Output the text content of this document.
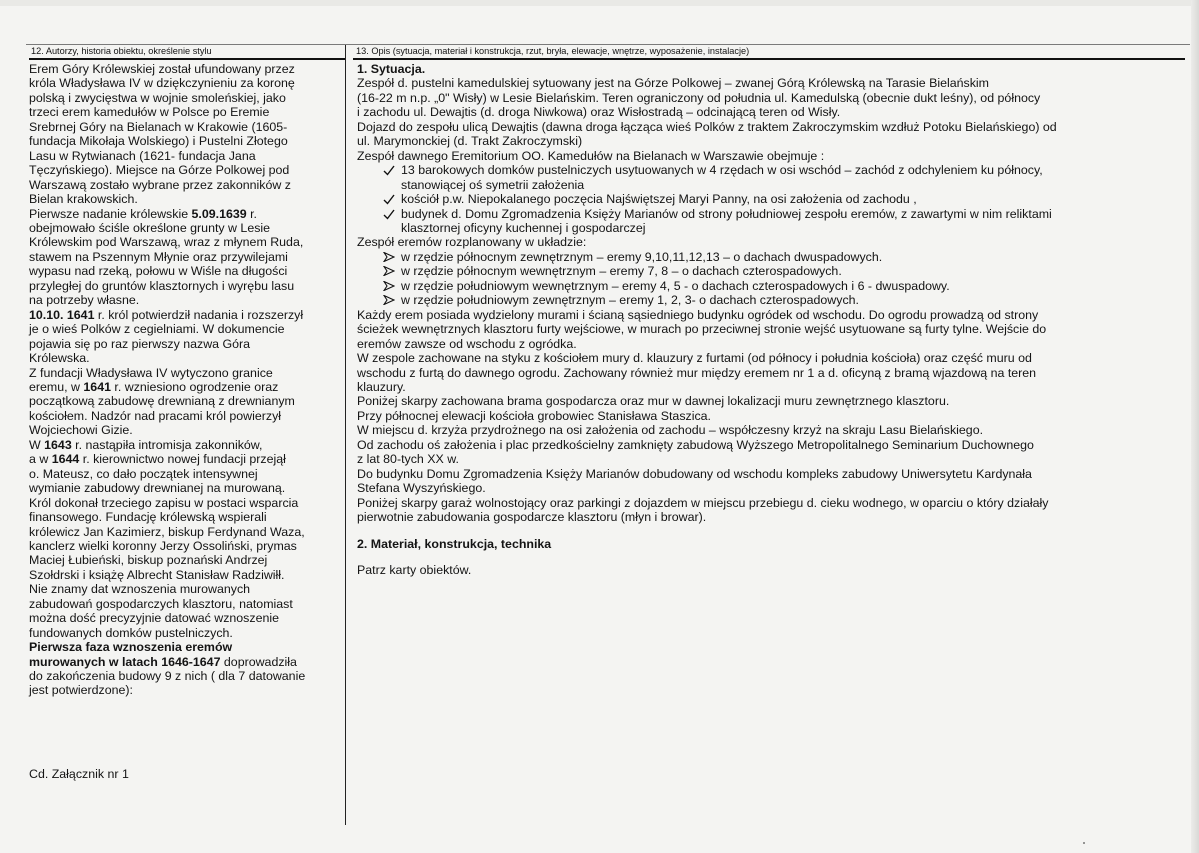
12. Autorzy, historia obiektu, określenie stylu

Erem Góry Królewskiej został ufundowany przez

króla Władysława IV w dziękczynieniu za koronę

polską i zwycięstwa w wojnie smoleńskiej, jako

trzeci erem kamedułów w Polsce po Eremie

Srebrnej Góry na Bielanach w Krakowie (1605-

fundacja Mikołaja Wolskiego) i Pustelni Złotego

Lasu w Rytwianach (1621- fundacja Jana

Tęczyńskiego). Miejsce na Górze Polkowej pod

Warszawą zostało wybrane przez zakonników z

Bielan krakowskich.

Pierwsze nadanie królewskie 5.09.1639 r.

obejmowało ściśle określone grunty w Lesie

Królewskim pod Warszawą, wraz z młynem Ruda,

stawem na Pszennym Młynie oraz przywilejami

wypasu nad rzeką, połowu w Wiśle na długości

przyległej do gruntów klasztornych i wyrębu lasu

na potrzeby własne.

10.10. 1641 r. król potwierdził nadania i rozszerzył

je o wieś Polków z cegielniami. W dokumencie

pojawia się po raz pierwszy nazwa Góra

Królewska.

Z fundacji Władysława IV wytyczono granice

eremu, w 1641 r. wzniesiono ogrodzenie oraz

początkową zabudowę drewnianą z drewnianym

kościołem. Nadzór nad pracami król powierzył

Wojciechowi Gizie.

W 1643 r. nastąpiła intromisja zakonników,

a w 1644 r. kierownictwo nowej fundacji przejął

o. Mateusz, co dało początek intensywnej

wymianie zabudowy drewnianej na murowaną.

Król dokonał trzeciego zapisu w postaci wsparcia

finansowego. Fundację królewską wspierali

królewicz Jan Kazimierz, biskup Ferdynand Waza,

kanclerz wielki koronny Jerzy Ossoliński, prymas

Maciej Łubieński, biskup poznański Andrzej

Szołdrski i książę Albrecht Stanisław Radziwiłł.

Nie znamy dat wznoszenia murowanych

zabudowań gospodarczych klasztoru, natomiast

można dość precyzyjnie datować wznoszenie

fundowanych domków pustelniczych.

Pierwsza faza wznoszenia eremów

murowanych w latach 1646-1647 doprowadziła

do zakończenia budowy 9 z nich ( dla 7 datowanie

jest potwierdzone):

Cd. Załącznik nr 1
13. Opis (sytuacja, materiał i konstrukcja, rzut, bryła, elewacje, wnętrze, wyposażenie, instalacje)

1. Sytuacja.

Zespół d. pustelni kamedulskiej sytuowany jest na Górze Polkowej – zwanej Górą Królewską na Tarasie Bielańskim

(16-22 m n.p. „0" Wisły) w Lesie Bielańskim. Teren ograniczony od południa ul. Kamedulską (obecnie dukt leśny), od północy

i zachodu ul. Dewajtis (d. droga Niwkowa) oraz Wisłostradą – odcinającą teren od Wisły.

Dojazd do zespołu ulicą Dewajtis (dawna droga łącząca wieś Polków z traktem Zakroczymskim wzdłuż Potoku Bielańskiego) od

ul. Marymonckiej (d. Trakt Zakroczymski)

Zespół dawnego Eremitorium OO. Kamedułów na Bielanach w Warszawie obejmuje :

13 barokowych domków pustelniczych usytuowanych w 4 rzędach w osi wschód – zachód z odchyleniem ku północy,
stanowiącej oś symetrii założenia
kościół p.w. Niepokalanego poczęcia Najświętszej Maryi Panny, na osi założenia od zachodu ,
budynek d. Domu Zgromadzenia Księży Marianów od strony południowej zespołu eremów, z zawartymi w nim reliktami
klasztornej oficyny kuchennej i gospodarczej

Zespół eremów rozplanowany w układzie:

w rzędzie północnym zewnętrznym – eremy 9,10,11,12,13 – o dachach dwuspadowych.
w rzędzie północnym wewnętrznym – eremy 7, 8 – o dachach czterospadowych.
w rzędzie południowym wewnętrznym – eremy 4, 5 - o dachach czterospadowych i 6 - dwuspadowy.
w rzędzie południowym zewnętrznym – eremy 1, 2, 3- o dachach czterospadowych.

Każdy erem posiada wydzielony murami i ścianą sąsiedniego budynku ogródek od wschodu. Do ogrodu prowadzą od strony

ścieżek wewnętrznych klasztoru furty wejściowe, w murach po przeciwnej stronie wejść usytuowane są furty tylne. Wejście do

eremów zawsze od wschodu z ogródka.

W zespole zachowane na styku z kościołem mury d. klauzury z furtami (od północy i południa kościoła) oraz część muru od

wschodu z furtą do dawnego ogrodu. Zachowany również mur między eremem nr 1 a d. oficyną z bramą wjazdową na teren

klauzury.

Poniżej skarpy zachowana brama gospodarcza oraz mur w dawnej lokalizacji muru zewnętrznego klasztoru.

Przy północnej elewacji kościoła grobowiec Stanisława Staszica.

W miejscu d. krzyża przydrożnego na osi założenia od zachodu – współczesny krzyż na skraju Lasu Bielańskiego.

Od zachodu oś założenia i plac przedkościelny zamknięty zabudową Wyższego Metropolitalnego Seminarium Duchownego

z lat 80-tych XX w.

Do budynku Domu Zgromadzenia Księży Marianów dobudowany od wschodu kompleks zabudowy Uniwersytetu Kardynała

Stefana Wyszyńskiego.

Poniżej skarpy garaż wolnostojący oraz parkingi z dojazdem w miejscu przebiegu d. cieku wodnego, w oparciu o który działały

pierwotnie zabudowania gospodarcze klasztoru (młyn i browar).

2. Materiał, konstrukcja, technika

Patrz karty obiektów.
